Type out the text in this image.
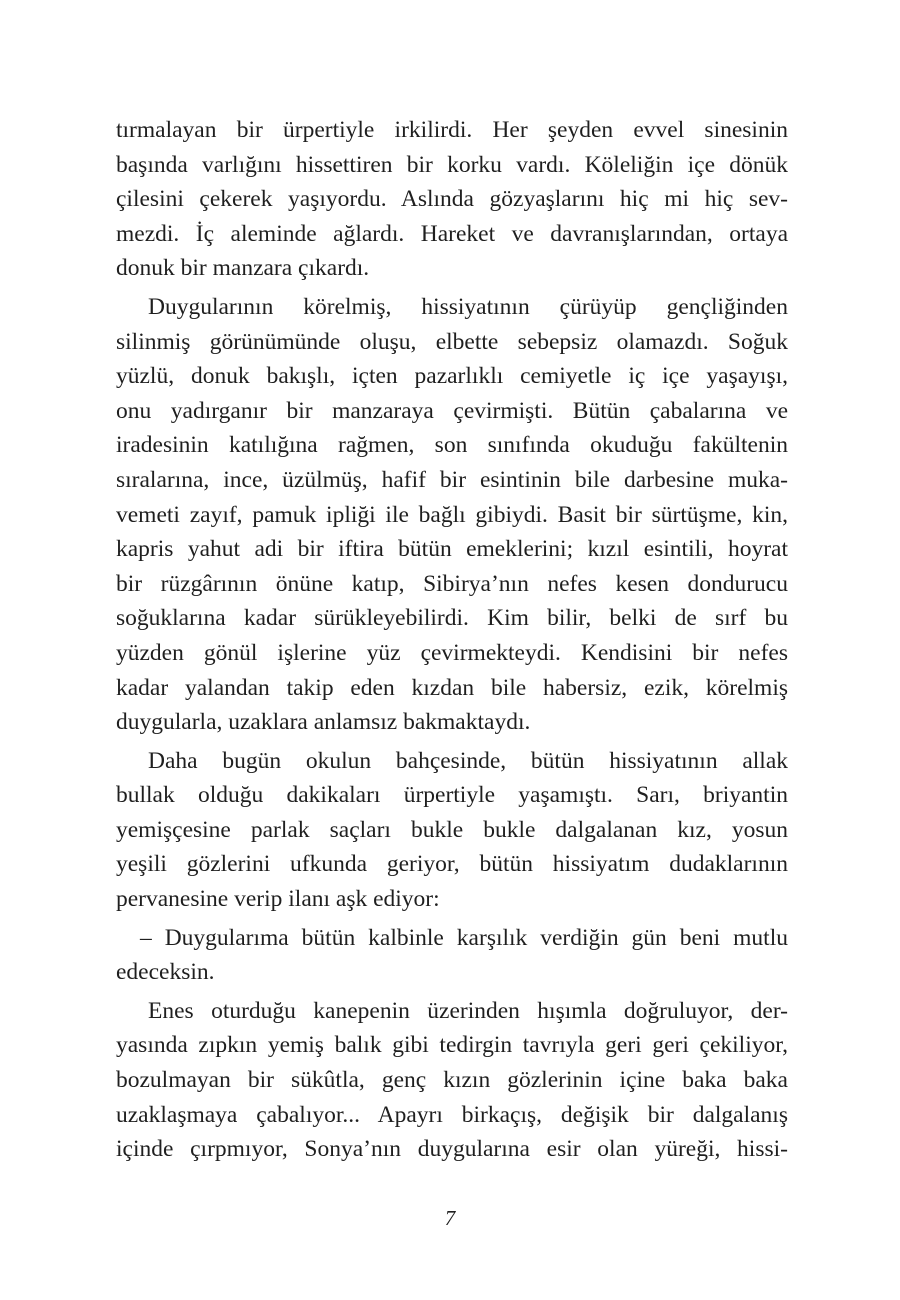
tırmalayan bir ürpertiyle irkilirdi. Her şeyden evvel sinesinin
başında varlığını hissettiren bir korku vardı. Köleliğin içe dönük
çilesini çekerek yaşıyordu. Aslında gözyaşlarını hiç mi hiç sev-
mezdi. İç aleminde ağlardı. Hareket ve davranışlarından, ortaya
donuk bir manzara çıkardı.
Duygularının körelmiş, hissiyatının çürüyüp gençliğinden
silinmiş görünümünde oluşu, elbette sebepsiz olamazdı. Soğuk
yüzlü, donuk bakışlı, içten pazarlıklı cemiyetle iç içe yaşayışı,
onu yadırganır bir manzaraya çevirmişti. Bütün çabalarına ve
iradesinin katılığına rağmen, son sınıfında okuduğu fakültenin
sıralarına, ince, üzülmüş, hafif bir esintinin bile darbesine muka-
vemeti zayıf, pamuk ipliği ile bağlı gibiydi. Basit bir sürtüşme, kin,
kapris yahut adi bir iftira bütün emeklerini; kızıl esintili, hoyrat
bir rüzgârının önüne katıp, Sibirya’nın nefes kesen dondurucu
soğuklarına kadar sürükleyebilirdi. Kim bilir, belki de sırf bu
yüzden gönül işlerine yüz çevirmekteydi. Kendisini bir nefes
kadar yalandan takip eden kızdan bile habersiz, ezik, körelmiş
duygularla, uzaklara anlamsız bakmaktaydı.
Daha bugün okulun bahçesinde, bütün hissiyatının allak
bullak olduğu dakikaları ürpertiyle yaşamıştı. Sarı, briyantin
yemişçesine parlak saçları bukle bukle dalgalanan kız, yosun
yeşili gözlerini ufkunda geriyor, bütün hissiyatım dudaklarının
pervanesine verip ilanı aşk ediyor:
– Duygularıma bütün kalbinle karşılık verdiğin gün beni mutlu
edeceksin.
Enes oturduğu kanepenin üzerinden hışımla doğruluyor, der-
yasında zıpkın yemiş balık gibi tedirgin tavrıyla geri geri çekiliyor,
bozulmayan bir sükûtla, genç kızın gözlerinin içine baka baka
uzaklaşmaya çabalıyor... Apayrı birkaçış, değişik bir dalgalanış
içinde çırpmıyor, Sonya’nın duygularına esir olan yüreği, hissi-
7
